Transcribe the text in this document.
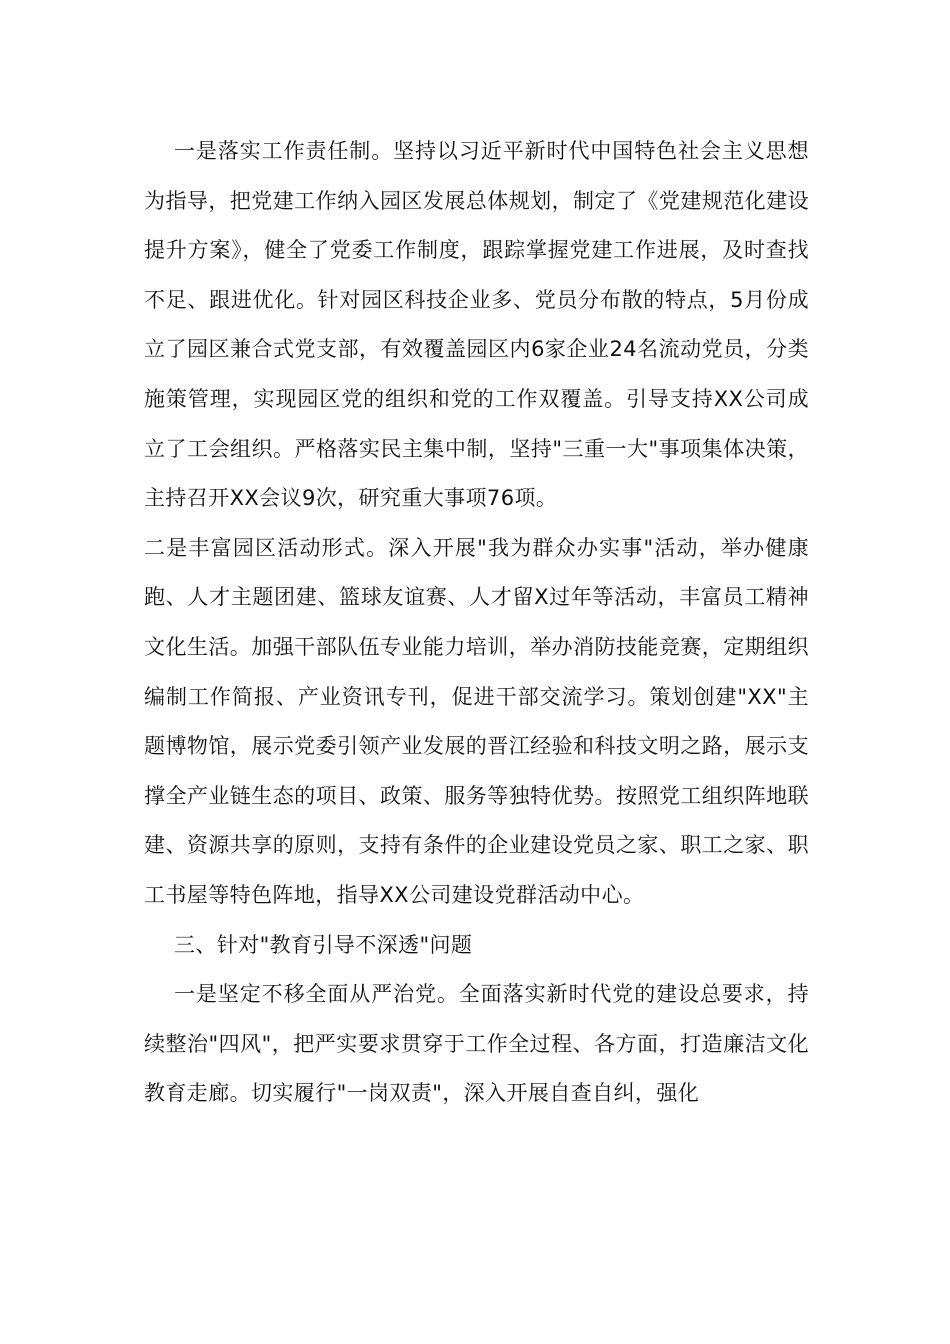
一是落实工作责任制。坚持以习近平新时代中国特色社会主义思想为指导，把党建工作纳入园区发展总体规划，制定了《党建规范化建设提升方案》，健全了党委工作制度，跟踪掌握党建工作进展，及时查找不足、跟进优化。针对园区科技企业多、党员分布散的特点，5月份成立了园区兼合式党支部，有效覆盖园区内6家企业24名流动党员，分类施策管理，实现园区党的组织和党的工作双覆盖。引导支持XX公司成立了工会组织。严格落实民主集中制，坚持"三重一大"事项集体决策，主持召开XX会议9次，研究重大事项76项。

二是丰富园区活动形式。深入开展"我为群众办实事"活动，举办健康跑、人才主题团建、篮球友谊赛、人才留X过年等活动，丰富员工精神文化生活。加强干部队伍专业能力培训，举办消防技能竞赛，定期组织编制工作简报、产业资讯专刊，促进干部交流学习。策划创建"XX"主题博物馆，展示党委引领产业发展的晋江经验和科技文明之路，展示支撑全产业链生态的项目、政策、服务等独特优势。按照党工组织阵地联建、资源共享的原则，支持有条件的企业建设党员之家、职工之家、职工书屋等特色阵地，指导XX公司建设党群活动中心。

三、针对"教育引导不深透"问题

一是坚定不移全面从严治党。全面落实新时代党的建设总要求，持续整治"四风"，把严实要求贯穿于工作全过程、各方面，打造廉洁文化教育走廊。切实履行"一岗双责"，深入开展自查自纠，强化
